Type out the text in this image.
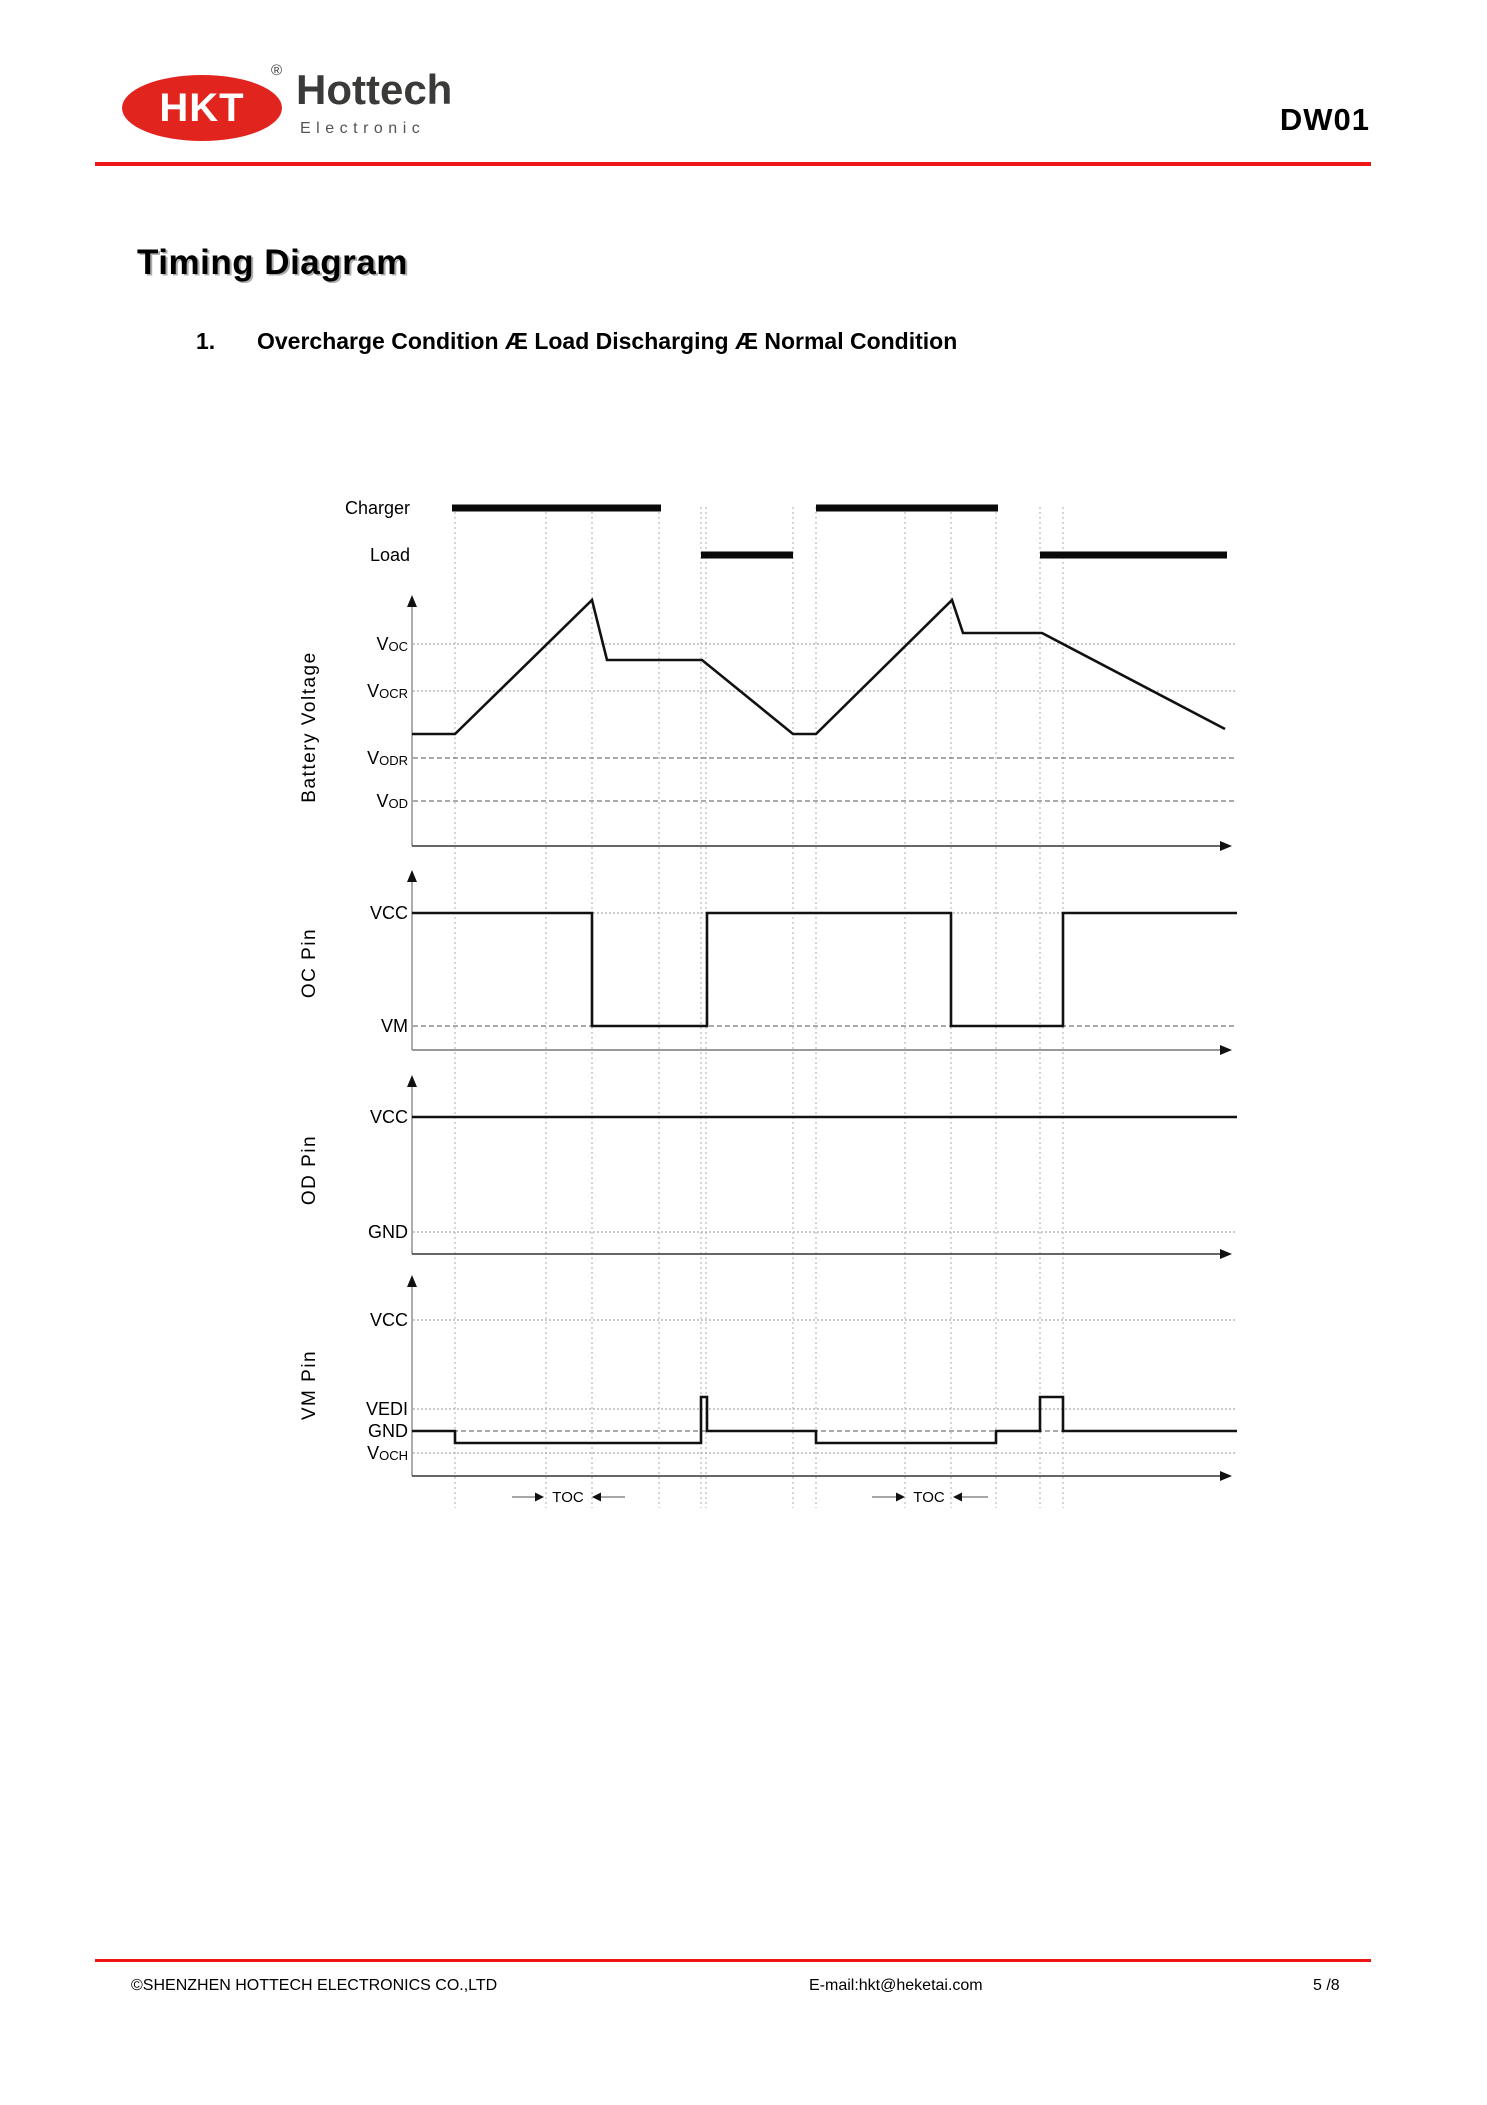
HKT
® Hottech
Electronic	DW01
Timing Diagram
1. Overcharge Condition Æ Load Discharging Æ Normal Condition
Charger
Load
VOC
VOCR
VODR
VOD
Battery Voltage
VCC
VM
OC Pin
VCC
GND
OD Pin
VCC
VEDI
GND
VOCH
VM Pin
TOC	TOC
©SHENZHEN HOTTECH ELECTRONICS CO.,LTD	E-mail:hkt@heketai.com	5 /8
